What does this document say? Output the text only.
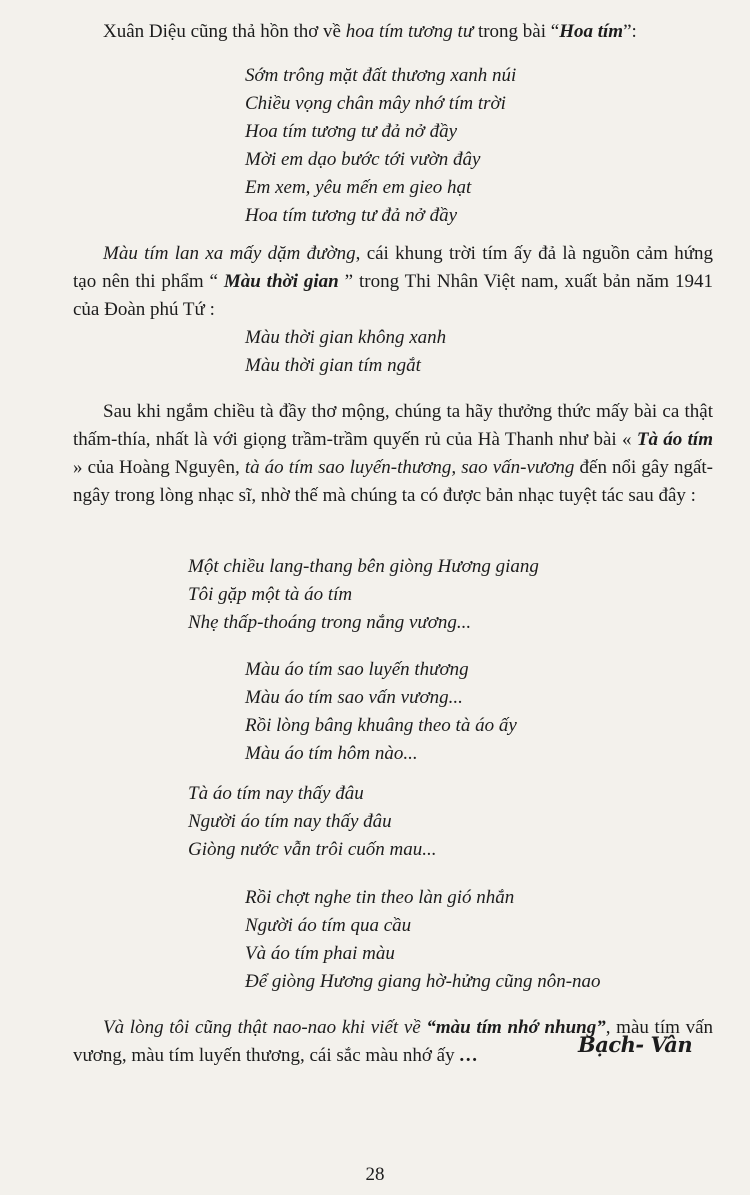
Xuân Diệu cũng thả hồn thơ về hoa tím tương tư trong bài “Hoa tím”:

Sớm trông mặt đất thương xanh núi
Chiều vọng chân mây nhớ tím trời
Hoa tím tương tư đả nở đầy
Mời em dạo bước tới vườn đây
Em xem, yêu mến em gieo hạt
Hoa tím tương tư đả nở đầy

Màu tím lan xa mấy dặm đường, cái khung trời tím ấy đả là nguồn cảm hứng tạo nên thi phẩm “ Màu thời gian ” trong Thi Nhân Việt nam, xuất bản năm 1941 của Đoàn phú Tứ :

Màu thời gian không xanh
Màu thời gian tím ngắt

Sau khi ngắm chiều tà đầy thơ mộng, chúng ta hãy thưởng thức mấy bài ca thật thấm-thía, nhất là với giọng trầm-trầm quyến rủ của Hà Thanh như bài « Tà áo tím » của Hoàng Nguyên, tà áo tím sao luyến-thương, sao vấn-vương đến nổi gây ngất-ngây trong lòng nhạc sĩ, nhờ thế mà chúng ta có được bản nhạc tuyệt tác sau đây :

Một chiều lang-thang bên giòng Hương giang
Tôi gặp một tà áo tím
Nhẹ thấp-thoáng trong nắng vương...
Màu áo tím sao luyến thương
Màu áo tím sao vấn vương...
Rồi lòng bâng khuâng theo tà áo ấy
Màu áo tím hôm nào...
Tà áo tím nay thấy đâu
Người áo tím nay thấy đâu
Giòng nước vẫn trôi cuốn mau...
Rồi chợt nghe tin theo làn gió nhắn
Người áo tím qua cầu
Và áo tím phai màu
Để giòng Hương giang hờ-hửng cũng nôn-nao

Và lòng tôi cũng thật nao-nao khi viết về “màu tím nhớ nhung”, màu tím vấn vương, màu tím luyến thương, cái sắc màu nhớ ấy …	Bạch- Vân
28
